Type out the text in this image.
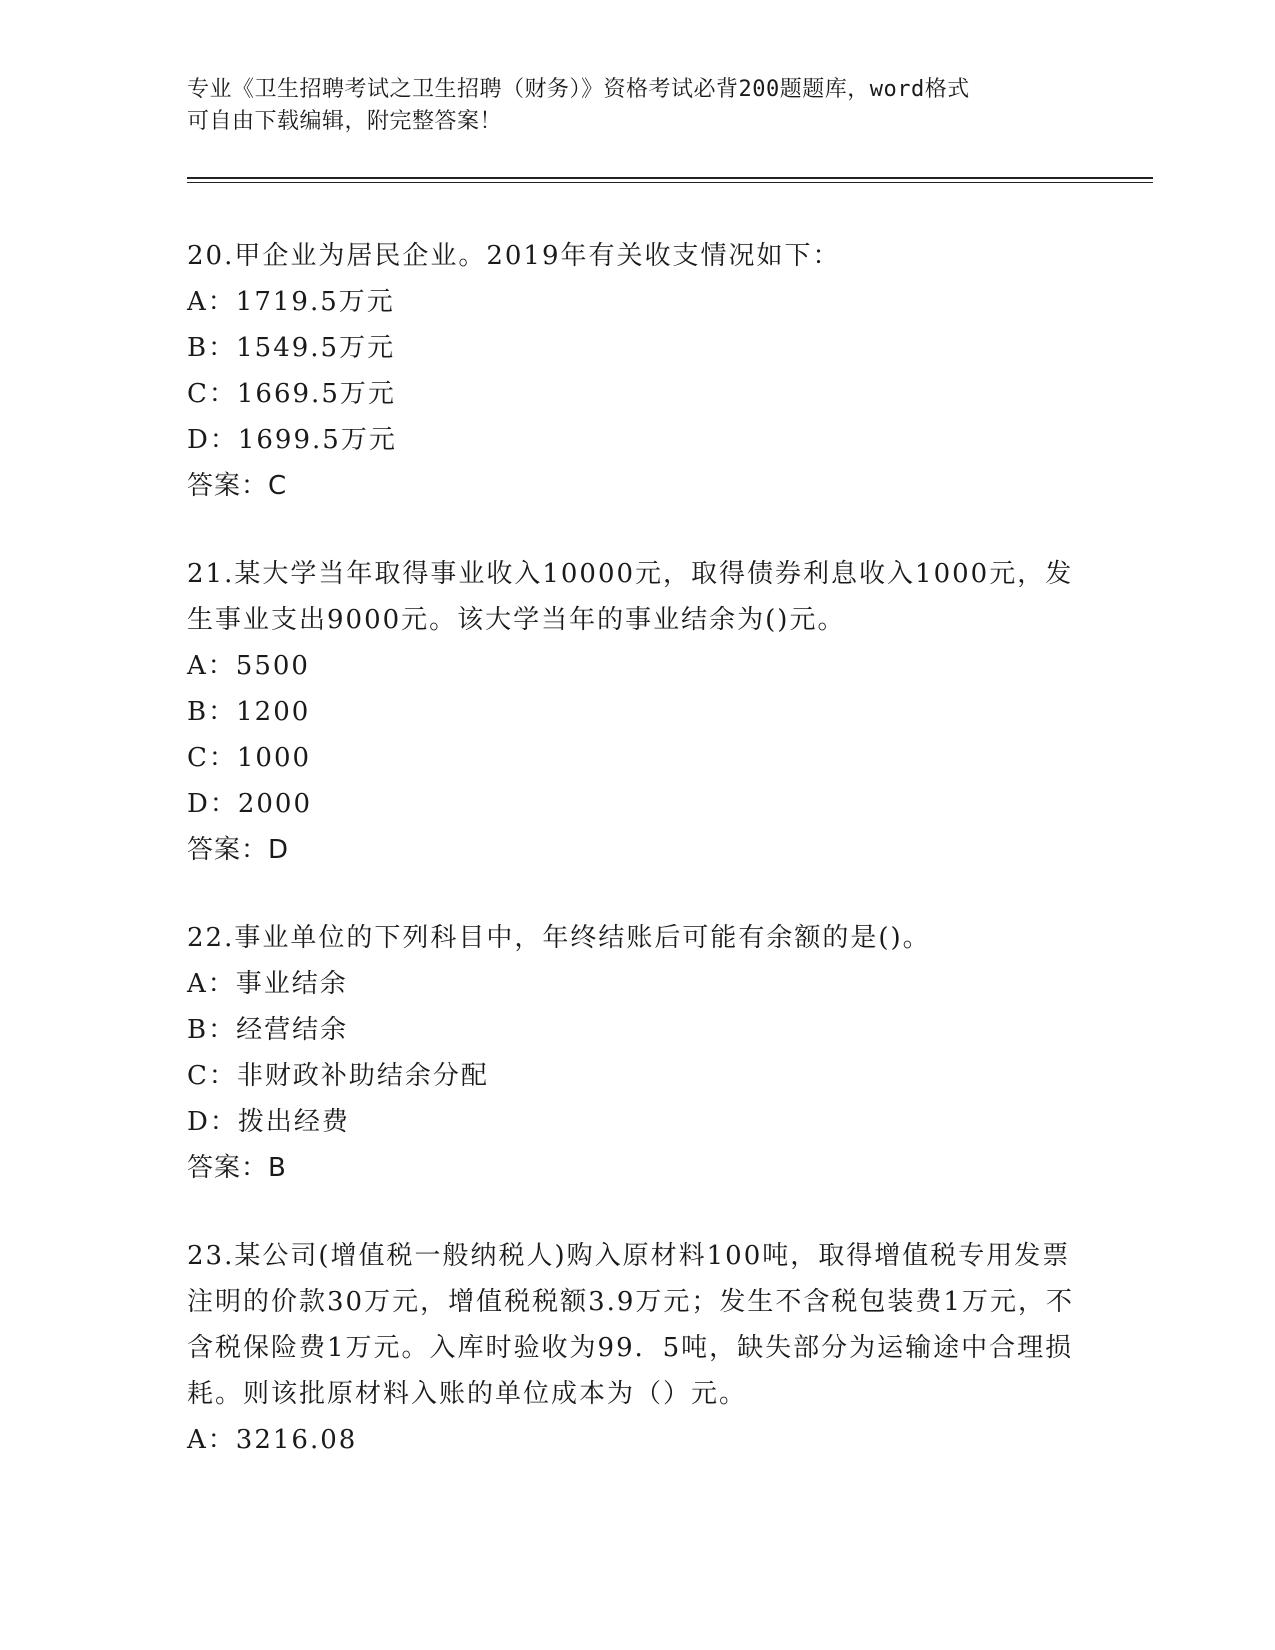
专业《卫生招聘考试之卫生招聘（财务）》资格考试必背200题题库，word格式
可自由下载编辑，附完整答案！

20.甲企业为居民企业。2019年有关收支情况如下：

A：1719.5万元

B：1549.5万元

C：1669.5万元

D：1699.5万元

答案：C

21.某大学当年取得事业收入10000元，取得债券利息收入1000元，发生事业支出9000元。该大学当年的事业结余为()元。

A：5500

B：1200

C：1000

D：2000

答案：D

22.事业单位的下列科目中，年终结账后可能有余额的是()。

A：事业结余

B：经营结余

C：非财政补助结余分配

D：拨出经费

答案：B

23.某公司(增值税一般纳税人)购入原材料100吨，取得增值税专用发票注明的价款30万元，增值税税额3.9万元；发生不含税包装费1万元，不含税保险费1万元。入库时验收为99．5吨，缺失部分为运输途中合理损耗。则该批原材料入账的单位成本为（）元。

A：3216.08
